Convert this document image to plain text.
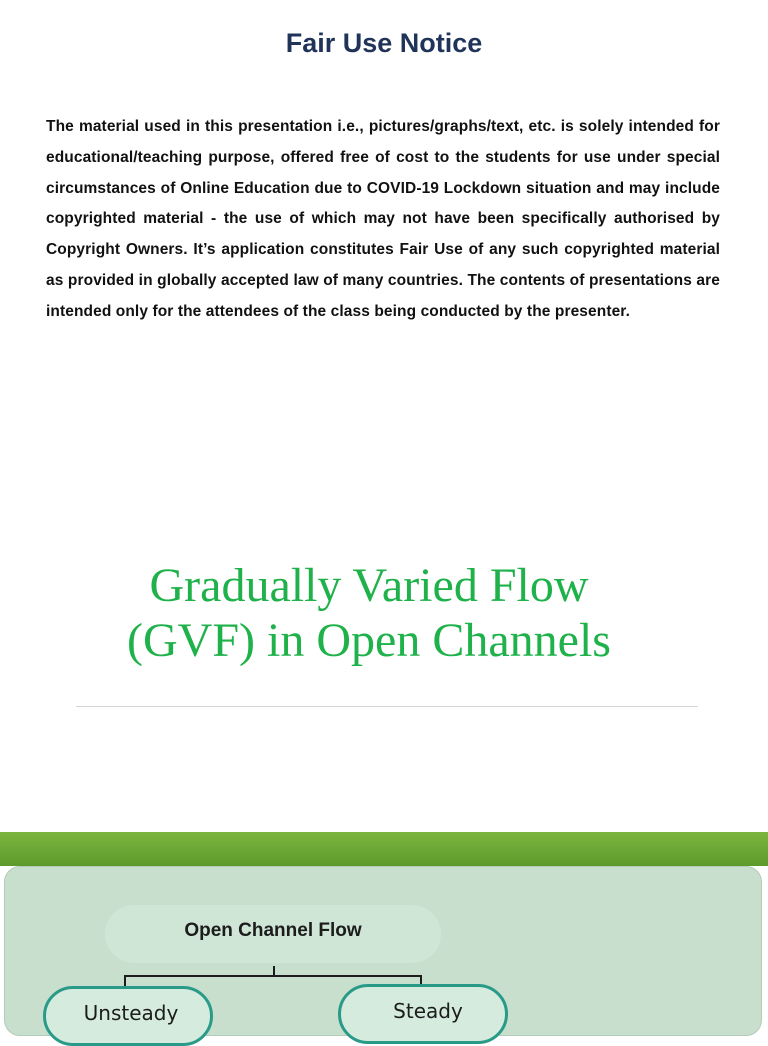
Fair Use Notice
The material used in this presentation i.e., pictures/graphs/text, etc. is solely intended for educational/teaching purpose, offered free of cost to the students for use under special circumstances of Online Education due to COVID-19 Lockdown situation and may include copyrighted material - the use of which may not have been specifically authorised by Copyright Owners. It’s application constitutes Fair Use of any such copyrighted material as provided in globally accepted law of many countries. The contents of presentations are intended only for the attendees of the class being conducted by the presenter.
Gradually Varied Flow
(GVF) in Open Channels
Open Channel Flow
Unsteady	Steady
